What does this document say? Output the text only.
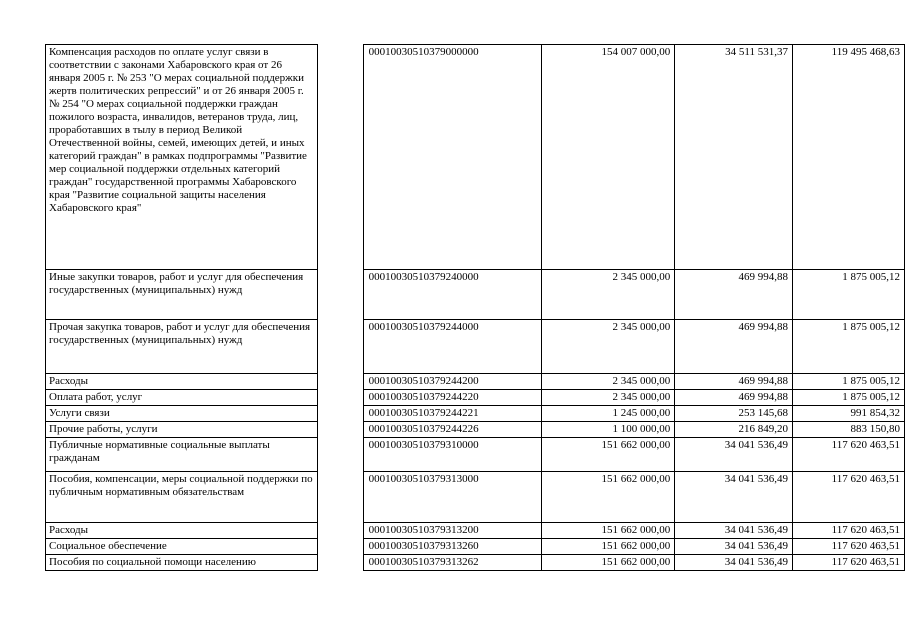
Компенсация расходов по оплате услуг связи в соответствии с законами Хабаровского края от 26 января 2005 г. № 253 "О мерах социальной поддержки жертв политических репрессий" и от 26 января 2005 г. № 254 "О мерах социальной поддержки граждан пожилого возраста, инвалидов, ветеранов труда, лиц, проработавших в тылу в период Великой Отечественной войны, семей, имеющих детей, и иных категорий граждан" в рамках подпрограммы "Развитие мер социальной поддержки отдельных категорий граждан" государственной программы Хабаровского края "Развитие социальной защиты населения Хабаровского края"		00010030510379000000	154 007 000,00	34 511 531,37	119 495 468,63
Иные закупки товаров, работ и услуг для обеспечения государственных (муниципальных) нужд		00010030510379240000	2 345 000,00	469 994,88	1 875 005,12
Прочая закупка товаров, работ и услуг для обеспечения государственных (муниципальных) нужд		00010030510379244000	2 345 000,00	469 994,88	1 875 005,12
Расходы		00010030510379244200	2 345 000,00	469 994,88	1 875 005,12
Оплата работ, услуг		00010030510379244220	2 345 000,00	469 994,88	1 875 005,12
Услуги связи		00010030510379244221	1 245 000,00	253 145,68	991 854,32
Прочие работы, услуги		00010030510379244226	1 100 000,00	216 849,20	883 150,80
Публичные нормативные социальные выплаты гражданам		00010030510379310000	151 662 000,00	34 041 536,49	117 620 463,51
Пособия, компенсации, меры социальной поддержки по публичным нормативным обязательствам		00010030510379313000	151 662 000,00	34 041 536,49	117 620 463,51
Расходы		00010030510379313200	151 662 000,00	34 041 536,49	117 620 463,51
Социальное обеспечение		00010030510379313260	151 662 000,00	34 041 536,49	117 620 463,51
Пособия по социальной помощи населению		00010030510379313262	151 662 000,00	34 041 536,49	117 620 463,51
